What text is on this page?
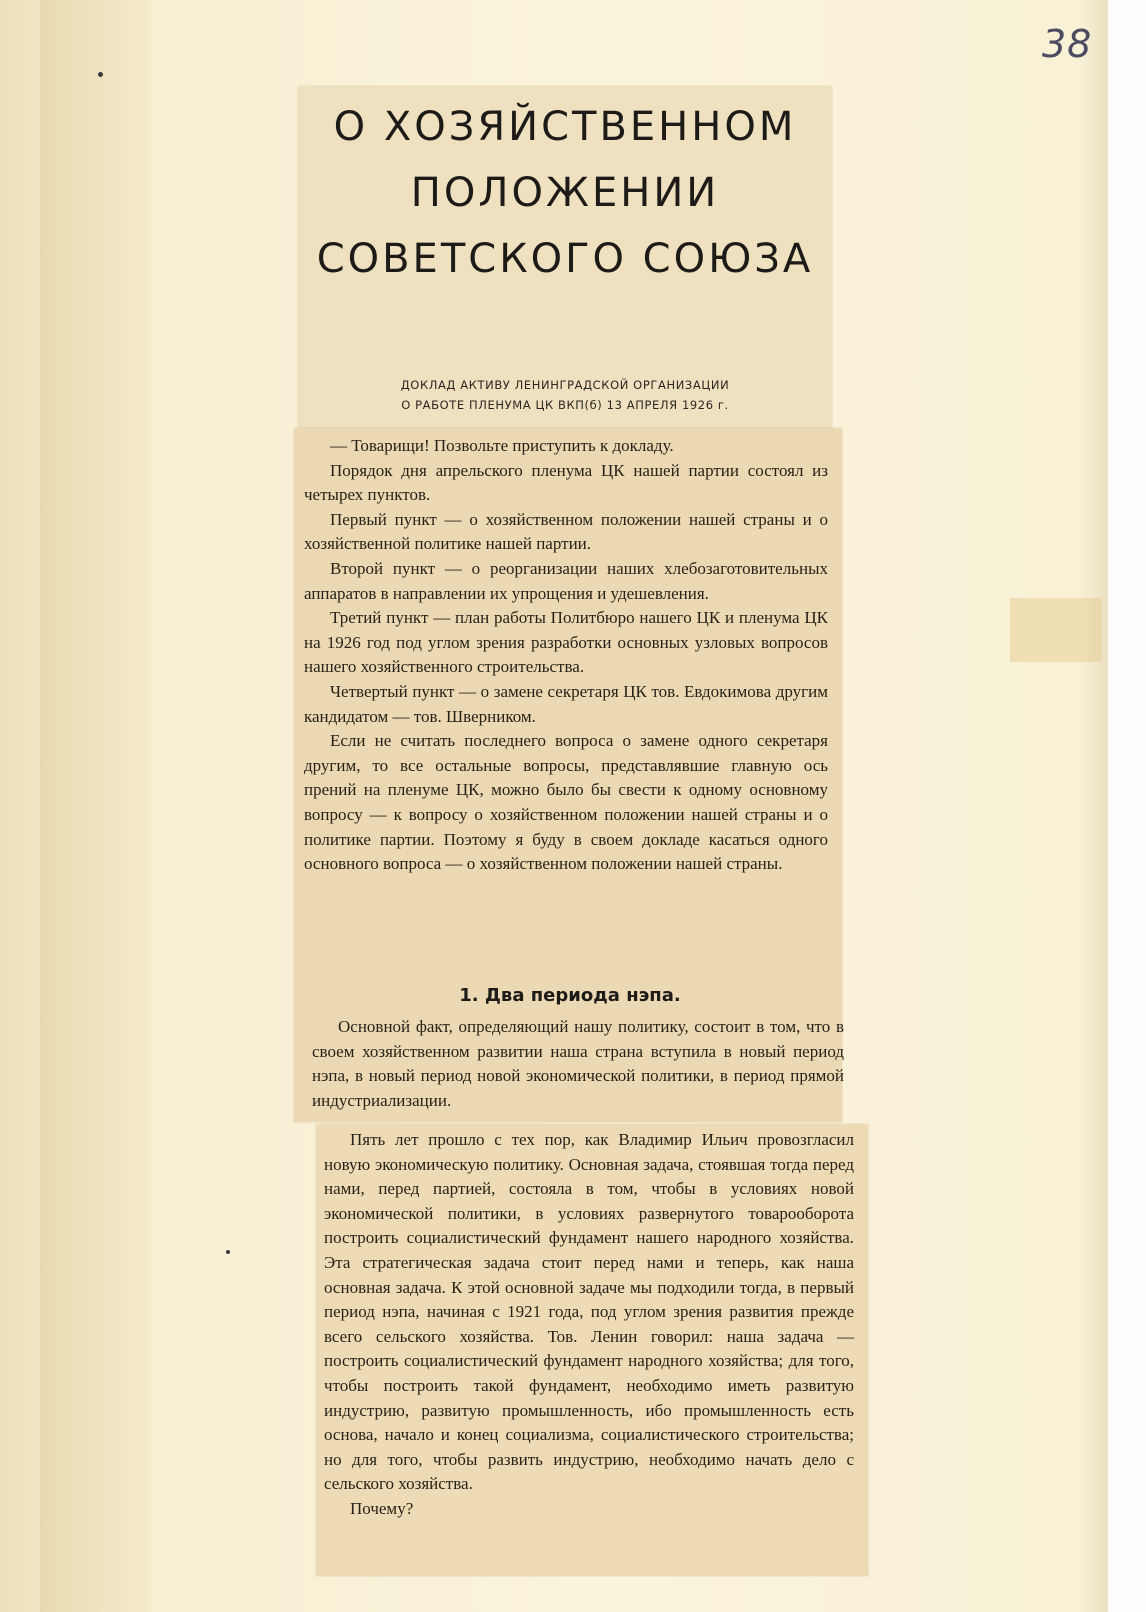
38
О ХОЗЯЙСТВЕННОМ
ПОЛОЖЕНИИ
СОВЕТСКОГО СОЮЗА
ДОКЛАД АКТИВУ ЛЕНИНГРАДСКОЙ ОРГАНИЗАЦИИ
О РАБОТЕ ПЛЕНУМА ЦК ВКП(б) 13 АПРЕЛЯ 1926 г.

— Товарищи! Позвольте приступить к докладу.

Порядок дня апрельского пленума ЦК нашей партии состоял из четырех пунктов.

Первый пункт — о хозяйственном положении нашей страны и о хозяйственной политике нашей партии.

Второй пункт — о реорганизации наших хлебозаготовительных аппаратов в направлении их упрощения и удешевления.

Третий пункт — план работы Политбюро нашего ЦК и пленума ЦК на 1926 год под углом зрения разработки основных узловых вопросов нашего хозяйственного строительства.

Четвертый пункт — о замене секретаря ЦК тов. Евдокимова другим кандидатом — тов. Шверником.

Если не считать последнего вопроса о замене одного секретаря другим, то все остальные вопросы, представлявшие главную ось прений на пленуме ЦК, можно было бы свести к одному основному вопросу — к вопросу о хозяйственном положении нашей страны и о политике партии. Поэтому я буду в своем докладе касаться одного основного вопроса — о хозяйственном положении нашей страны.

1. Два периода нэпа.

Основной факт, определяющий нашу политику, состоит в том, что в своем хозяйственном развитии наша страна вступила в новый период нэпа, в новый период новой экономической политики, в период прямой индустриализации.

Пять лет прошло с тех пор, как Владимир Ильич провозгласил новую экономическую политику. Основная задача, стоявшая тогда перед нами, перед партией, состояла в том, чтобы в условиях новой экономической политики, в условиях развернутого товарооборота построить социалистический фундамент нашего народного хозяйства. Эта стратегическая задача стоит перед нами и теперь, как наша основная задача. К этой основной задаче мы подходили тогда, в первый период нэпа, начиная с 1921 года, под углом зрения развития прежде всего сельского хозяйства. Тов. Ленин говорил: наша задача — построить социалистический фундамент народного хозяйства; для того, чтобы построить такой фундамент, необходимо иметь развитую индустрию, развитую промышленность, ибо промышленность есть основа, начало и конец социализма, социалистического строительства; но для того, чтобы развить индустрию, необходимо начать дело с сельского хозяйства.

Почему?
